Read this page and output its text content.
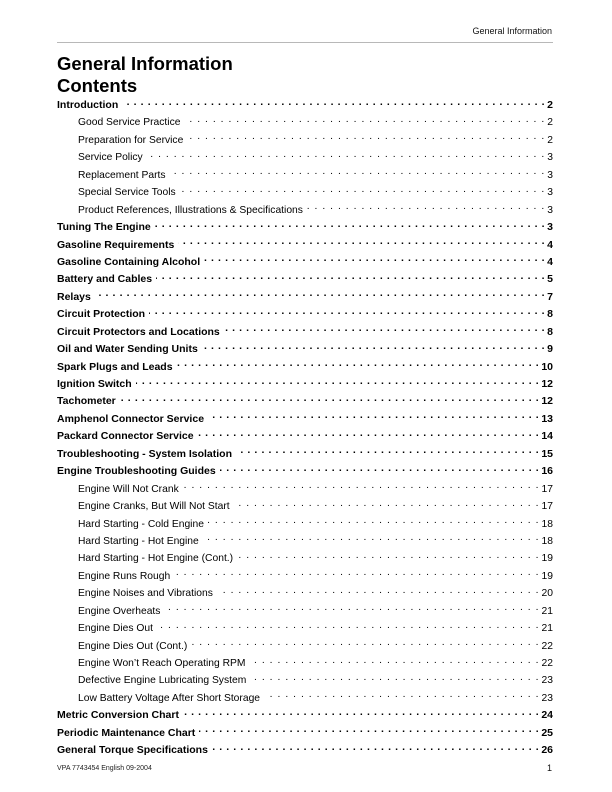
General Information
General Information
Contents
Introduction . . .	2
Good Service Practice . . .	2
Preparation for Service . . .	2
Service Policy . . .	3
Replacement Parts . . .	3
Special Service Tools . . .	3
Product References, Illustrations & Specifications . . .	3
Tuning The Engine . . .	3
Gasoline Requirements . . .	4
Gasoline Containing Alcohol . . .	4
Battery and Cables . . .	5
Relays . . .	7
Circuit Protection . . .	8
Circuit Protectors and Locations . . .	8
Oil and Water Sending Units . . .	9
Spark Plugs and Leads . . .	10
Ignition Switch . . .	12
Tachometer . . .	12
Amphenol Connector Service . . .	13
Packard Connector Service . . .	14
Troubleshooting - System Isolation . . .	15
Engine Troubleshooting Guides . . .	16
Engine Will Not Crank . . .	17
Engine Cranks, But Will Not Start . . .	17
Hard Starting - Cold Engine . . .	18
Hard Starting - Hot Engine . . .	18
Hard Starting - Hot Engine (Cont.) . . .	19
Engine Runs Rough . . .	19
Engine Noises and Vibrations . . .	20
Engine Overheats . . .	21
Engine Dies Out . . .	21
Engine Dies Out (Cont.) . . .	22
Engine Won’t Reach Operating RPM . . .	22
Defective Engine Lubricating System . . .	23
Low Battery Voltage After Short Storage . . .	23
Metric Conversion Chart . . .	24
Periodic Maintenance Chart . . .	25
General Torque Specifications . . .	26
VPA 7743454 English 09-2004	1
